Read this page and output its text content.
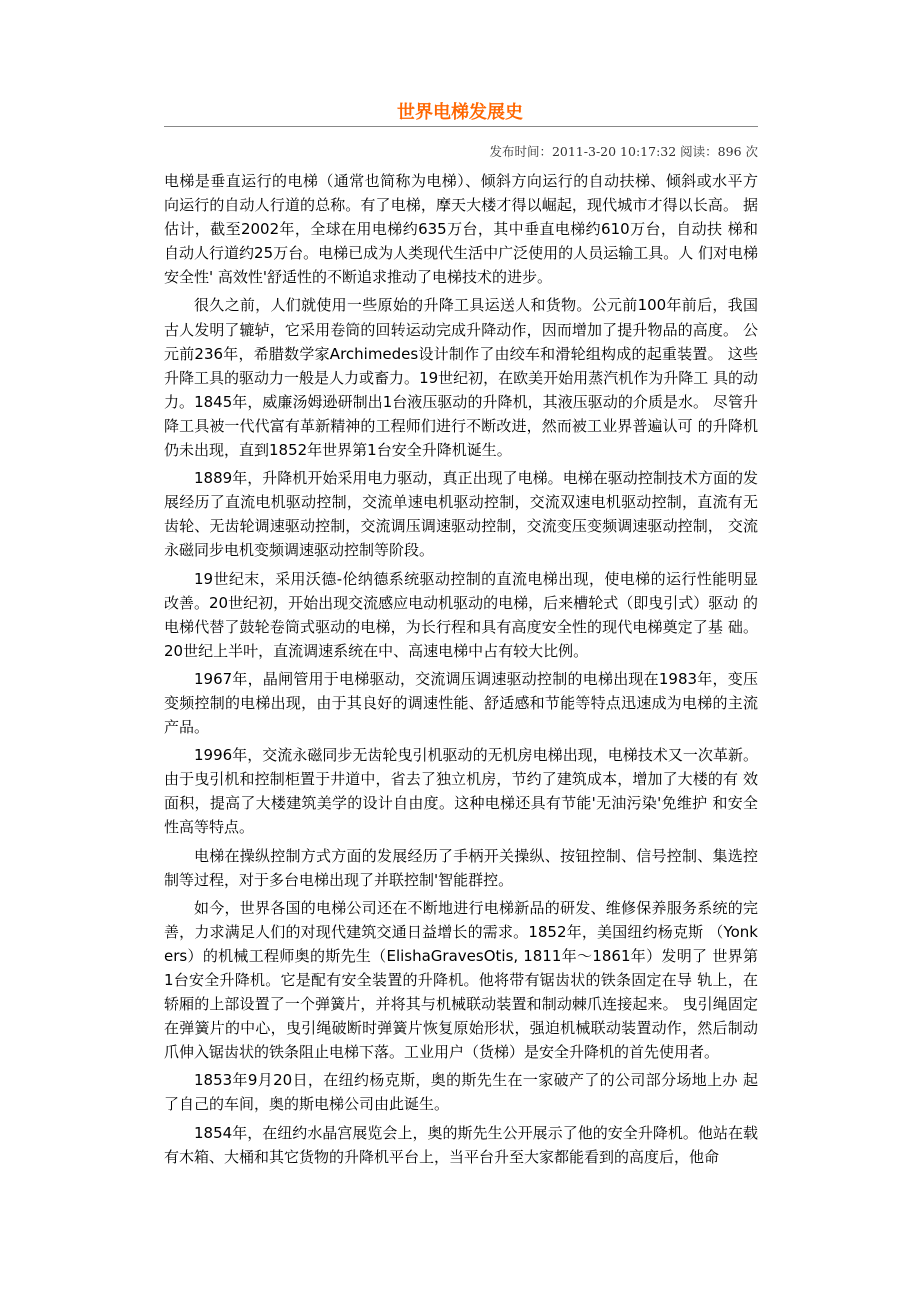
世界电梯发展史
发布时间：2011-3-20 10:17:32 阅读：896 次

电梯是垂直运行的电梯（通常也简称为电梯）、倾斜方向运行的自动扶梯、倾斜或水平方 向运行的自动人行道的总称。有了电梯，摩天大楼才得以崛起，现代城市才得以长高。 据估计，截至2002年，全球在用电梯约635万台，其中垂直电梯约610万台，自动扶 梯和自动人行道约25万台。电梯已成为人类现代生活中广泛使用的人员运输工具。人 们对电梯安全性' 高效性'舒适性的不断追求推动了电梯技术的进步。

很久之前，人们就使用一些原始的升降工具运送人和货物。公元前100年前后，我国古人发明了辘轳，它采用卷筒的回转运动完成升降动作，因而增加了提升物品的高度。 公元前236年，希腊数学家Archimedes设计制作了由绞车和滑轮组构成的起重装置。 这些升降工具的驱动力一般是人力或畜力。19世纪初，在欧美开始用蒸汽机作为升降工 具的动力。1845年，威廉汤姆逊研制出1台液压驱动的升降机，其液压驱动的介质是水。 尽管升降工具被一代代富有革新精神的工程师们进行不断改进，然而被工业界普遍认可 的升降机仍未出现，直到1852年世界第1台安全升降机诞生。

1889年，升降机开始采用电力驱动，真正出现了电梯。电梯在驱动控制技术方面的发展经历了直流电机驱动控制，交流单速电机驱动控制，交流双速电机驱动控制，直流有无齿轮、无齿轮调速驱动控制，交流调压调速驱动控制，交流变压变频调速驱动控制， 交流永磁同步电机变频调速驱动控制等阶段。

19世纪末，采用沃德-伦纳德系统驱动控制的直流电梯出现，使电梯的运行性能明显 改善。20世纪初，开始出现交流感应电动机驱动的电梯，后来槽轮式（即曳引式）驱动 的电梯代替了鼓轮卷筒式驱动的电梯，为长行程和具有高度安全性的现代电梯奠定了基 础。20世纪上半叶，直流调速系统在中、高速电梯中占有较大比例。

1967年，晶闸管用于电梯驱动，交流调压调速驱动控制的电梯出现在1983年，变压变频控制的电梯出现，由于其良好的调速性能、舒适感和节能等特点迅速成为电梯的主流产品。

1996年，交流永磁同步无齿轮曳引机驱动的无机房电梯出现，电梯技术又一次革新。 由于曳引机和控制柜置于井道中，省去了独立机房，节约了建筑成本，增加了大楼的有 效面积，提高了大楼建筑美学的设计自由度。这种电梯还具有节能'无油污染'免维护 和安全性高等特点。

电梯在操纵控制方式方面的发展经历了手柄开关操纵、按钮控制、信号控制、集选控制等过程，对于多台电梯出现了并联控制'智能群控。

如今，世界各国的电梯公司还在不断地进行电梯新品的研发、维修保养服务系统的完善，力求满足人们的对现代建筑交通日益增长的需求。1852年，美国纽约杨克斯 （Yonkers）的机械工程师奥的斯先生（ElishaGravesOtis, 1811年～1861年）发明了 世界第1台安全升降机。它是配有安全装置的升降机。他将带有锯齿状的铁条固定在导 轨上，在轿厢的上部设置了一个弹簧片，并将其与机械联动装置和制动棘爪连接起来。 曳引绳固定在弹簧片的中心，曳引绳破断时弹簧片恢复原始形状，强迫机械联动装置动作，然后制动爪伸入锯齿状的铁条阻止电梯下落。工业用户（货梯）是安全升降机的首先使用者。

1853年9月20日，在纽约杨克斯，奥的斯先生在一家破产了的公司部分场地上办 起了自己的车间，奥的斯电梯公司由此诞生。

1854年，在纽约水晶宫展览会上，奥的斯先生公开展示了他的安全升降机。他站在载有木箱、大桶和其它货物的升降机平台上，当平台升至大家都能看到的高度后，他命
